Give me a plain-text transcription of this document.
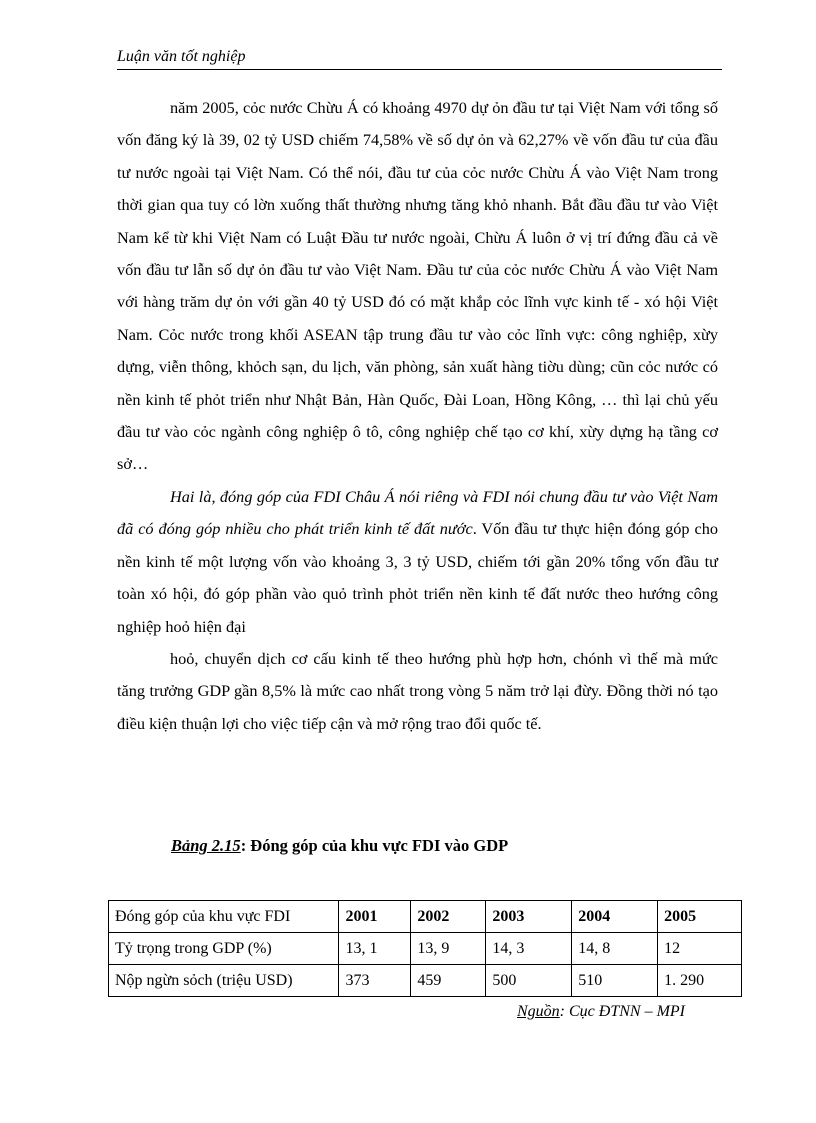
Luận văn tốt nghiệp

năm 2005, cỏc nước Chừu Á có khoảng 4970 dự ỏn đầu tư tại Việt Nam với tổng số vốn đăng ký là 39, 02 tỷ USD chiếm 74,58% về số dự ỏn và 62,27% về vốn đầu tư của đầu tư nước ngoài tại Việt Nam. Có thể nói, đầu tư của cỏc nước Chừu Á vào Việt Nam trong thời gian qua tuy có lờn xuống thất thường nhưng tăng khỏ nhanh. Bắt đầu đầu tư vào Việt Nam kể từ khi Việt Nam có Luật Đầu tư nước ngoài, Chừu Á luôn ở vị trí đứng đầu cả về vốn đầu tư lẫn số dự ỏn đầu tư vào Việt Nam. Đầu tư của cỏc nước Chừu Á vào Việt Nam với hàng trăm dự ỏn với gần 40 tỷ USD đó có mặt khắp cỏc lĩnh vực kinh tế - xó hội Việt Nam. Cỏc nước trong khối ASEAN tập trung đầu tư vào cỏc lĩnh vực: công nghiệp, xừy dựng, viễn thông, khỏch sạn, du lịch, văn phòng, sản xuất hàng tiờu dùng; cũn cỏc nước có nền kinh tế phỏt triển như Nhật Bản, Hàn Quốc, Đài Loan, Hồng Kông, … thì lại chủ yếu đầu tư vào cỏc ngành công nghiệp ô tô, công nghiệp chế tạo cơ khí, xừy dựng hạ tầng cơ sở…

Hai là, đóng góp của FDI Châu Á nói riêng và FDI nói chung đầu tư vào Việt Nam đã có đóng góp nhiều cho phát triển kinh tế đất nước. Vốn đầu tư thực hiện đóng góp cho nền kinh tế một lượng vốn vào khoảng 3, 3 tỷ USD, chiếm tới gần 20% tổng vốn đầu tư toàn xó hội, đó góp phần vào quỏ trình phỏt triển nền kinh tế đất nước theo hướng công nghiệp hoỏ hiện đại

hoỏ, chuyển dịch cơ cấu kinh tế theo hướng phù hợp hơn, chónh vì thế mà mức tăng trưởng GDP gần 8,5% là mức cao nhất trong vòng 5 năm trở lại đừy. Đồng thời nó tạo điều kiện thuận lợi cho việc tiếp cận và mở rộng trao đổi quốc tế.

Bảng 2.15: Đóng góp của khu vực FDI vào GDP
Đóng góp của khu vực FDI	2001	2002	2003	2004	2005
Tỷ trọng trong GDP (%)	13, 1	13, 9	14, 3	14, 8	12
Nộp ngừn sỏch (triệu USD)	373	459	500	510	1. 290
Nguồn: Cục ĐTNN – MPI
